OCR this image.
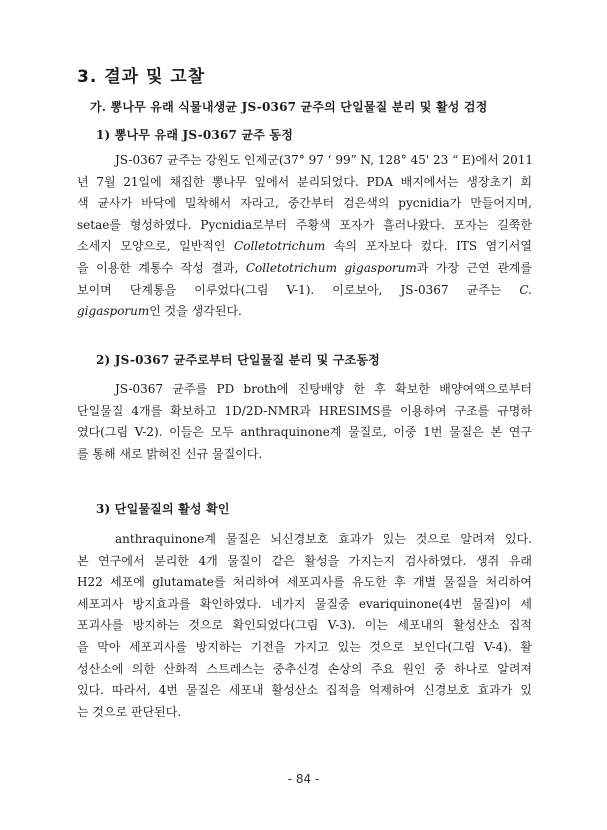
3. 결과 및 고찰
가. 뽕나무 유래 식물내생균 JS-0367 균주의 단일물질 분리 및 활성 검정
1) 뽕나무 유래 JS-0367 균주 동정
JS-0367 균주는 강원도 인제군(37° 97 ‘ 99” N, 128° 45' 23 “ E)에서 2011
년 7월 21일에 채집한 뽕나무 잎에서 분리되었다. PDA 배지에서는 생장초기 회
색 균사가 바닥에 밀착해서 자라고, 중간부터 검은색의 pycnidia가 만들어지며,
setae를 형성하였다. Pycnidia로부터 주황색 포자가 흘러나왔다. 포자는 길쭉한
소세지 모양으로, 일반적인 Colletotrichum 속의 포자보다 컸다. ITS 염기서열
을 이용한 계통수 작성 결과, Colletotrichum gigasporum과 가장 근연 관계를
보이며 단계통을 이루었다(그림 V-1). 이로보아, JS-0367 균주는 C.
gigasporum인 것을 생각된다.
2) JS-0367 균주로부터 단일물질 분리 및 구조동정
JS-0367 균주를 PD broth에 진탕배양 한 후 확보한 배양여액으로부터
단일물질 4개를 확보하고 1D/2D-NMR과 HRESIMS를 이용하여 구조를 규명하
였다(그림 V-2). 이들은 모두 anthraquinone계 물질로, 이중 1번 물질은 본 연구
를 통해 새로 밝혀진 신규 물질이다.
3) 단일물질의 활성 확인
anthraquinone계 물질은 뇌신경보호 효과가 있는 것으로 알려져 있다.
본 연구에서 분리한 4개 물질이 같은 활성을 가지는지 검사하였다. 생쥐 유래
H22 세포에 glutamate를 처리하여 세포괴사를 유도한 후 개별 물질을 처리하여
세포괴사 방지효과를 확인하였다. 네가지 물질중 evariquinone(4번 물질)이 세
포괴사를 방지하는 것으로 확인되었다(그림 V-3). 이는 세포내의 활성산소 집적
을 막아 세포괴사를 방지하는 기전을 가지고 있는 것으로 보인다(그림 V-4). 활
성산소에 의한 산화적 스트레스는 중추신경 손상의 주요 원인 중 하나로 알려져
있다. 따라서, 4번 물질은 세포내 활성산소 집적을 억제하여 신경보호 효과가 있
는 것으로 판단된다.
- 84 -
